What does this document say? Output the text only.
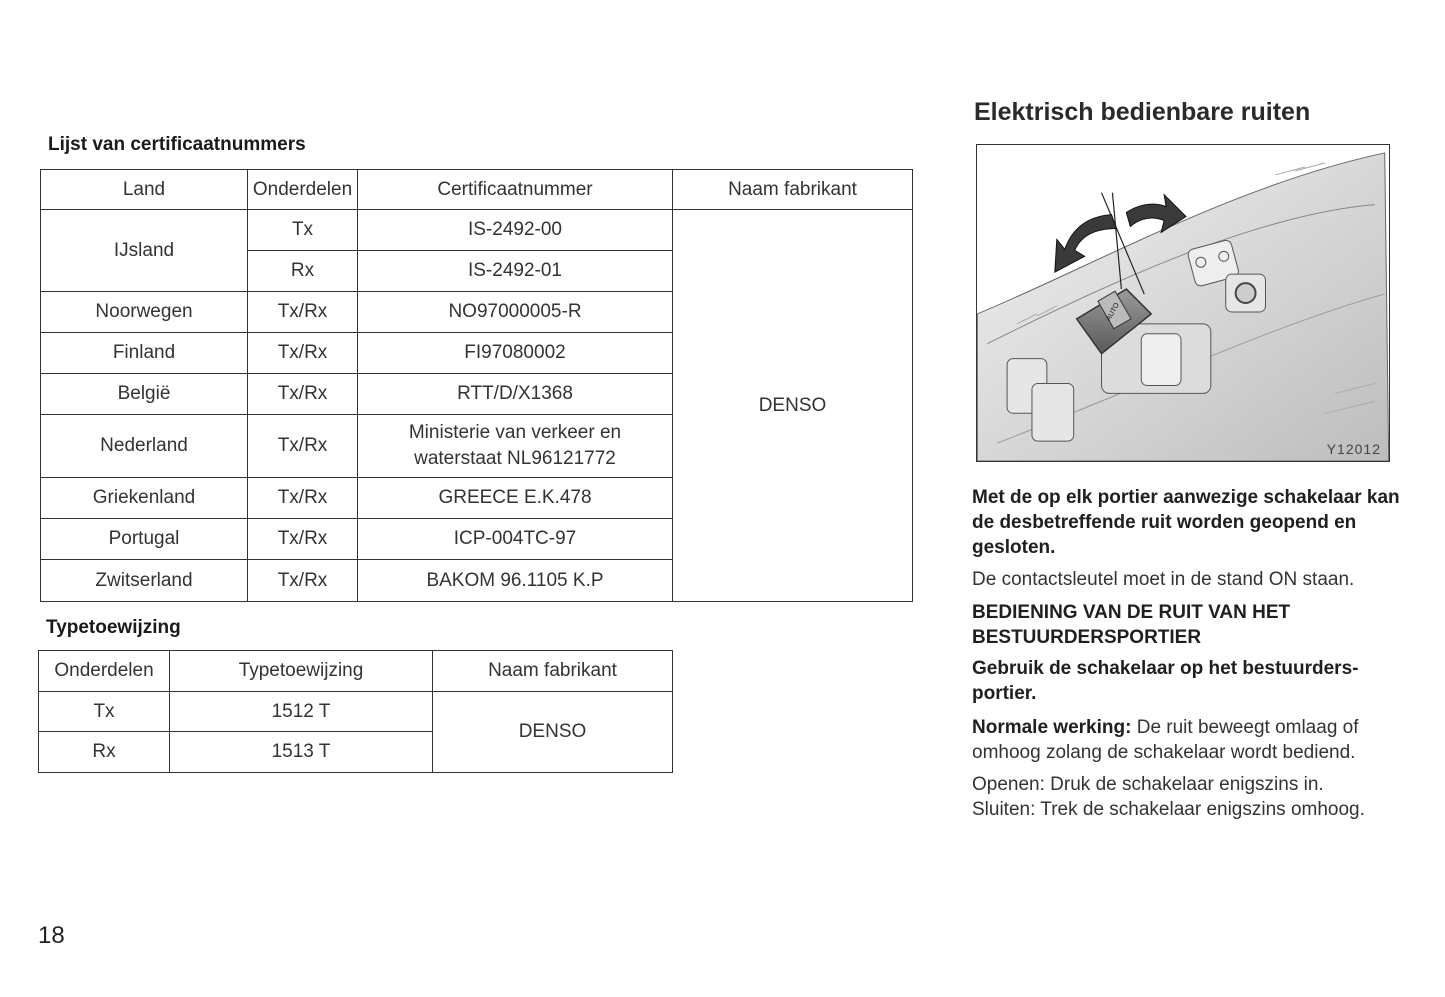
Lijst van certificaatnummers
Land	Onderdelen	Certificaatnummer	Naam fabrikant
IJsland	Tx	IS-2492-00	DENSO
	Rx	IS-2492-01	
Noorwegen	Tx/Rx	NO97000005-R	
Finland	Tx/Rx	FI97080002	
België	Tx/Rx	RTT/D/X1368	
Nederland	Tx/Rx	Ministerie van verkeer en
waterstaat NL96121772	

Griekenland	Tx/Rx	GREECE E.K.478	
Portugal	Tx/Rx	ICP-004TC-97	
Zwitserland	Tx/Rx	BAKOM 96.1105 K.P	
Typetoewijzing
Onderdelen	Typetoewijzing	Naam fabrikant
Tx	1512 T	DENSO
Rx	1513 T	
Elektrisch bedienbare ruiten
AUTO
Y12012
Met de op elk portier aanwezige schakelaar kan de desbetreffende ruit worden geopend en gesloten.
De contactsleutel moet in de stand ON staan.
BEDIENING VAN DE RUIT VAN HET BESTUURDERSPORTIER
Gebruik de schakelaar op het bestuurders-portier.
Normale werking: De ruit beweegt omlaag of omhoog zolang de schakelaar wordt bediend.
Openen: Druk de schakelaar enigszins in.
Sluiten: Trek de schakelaar enigszins omhoog.
18
